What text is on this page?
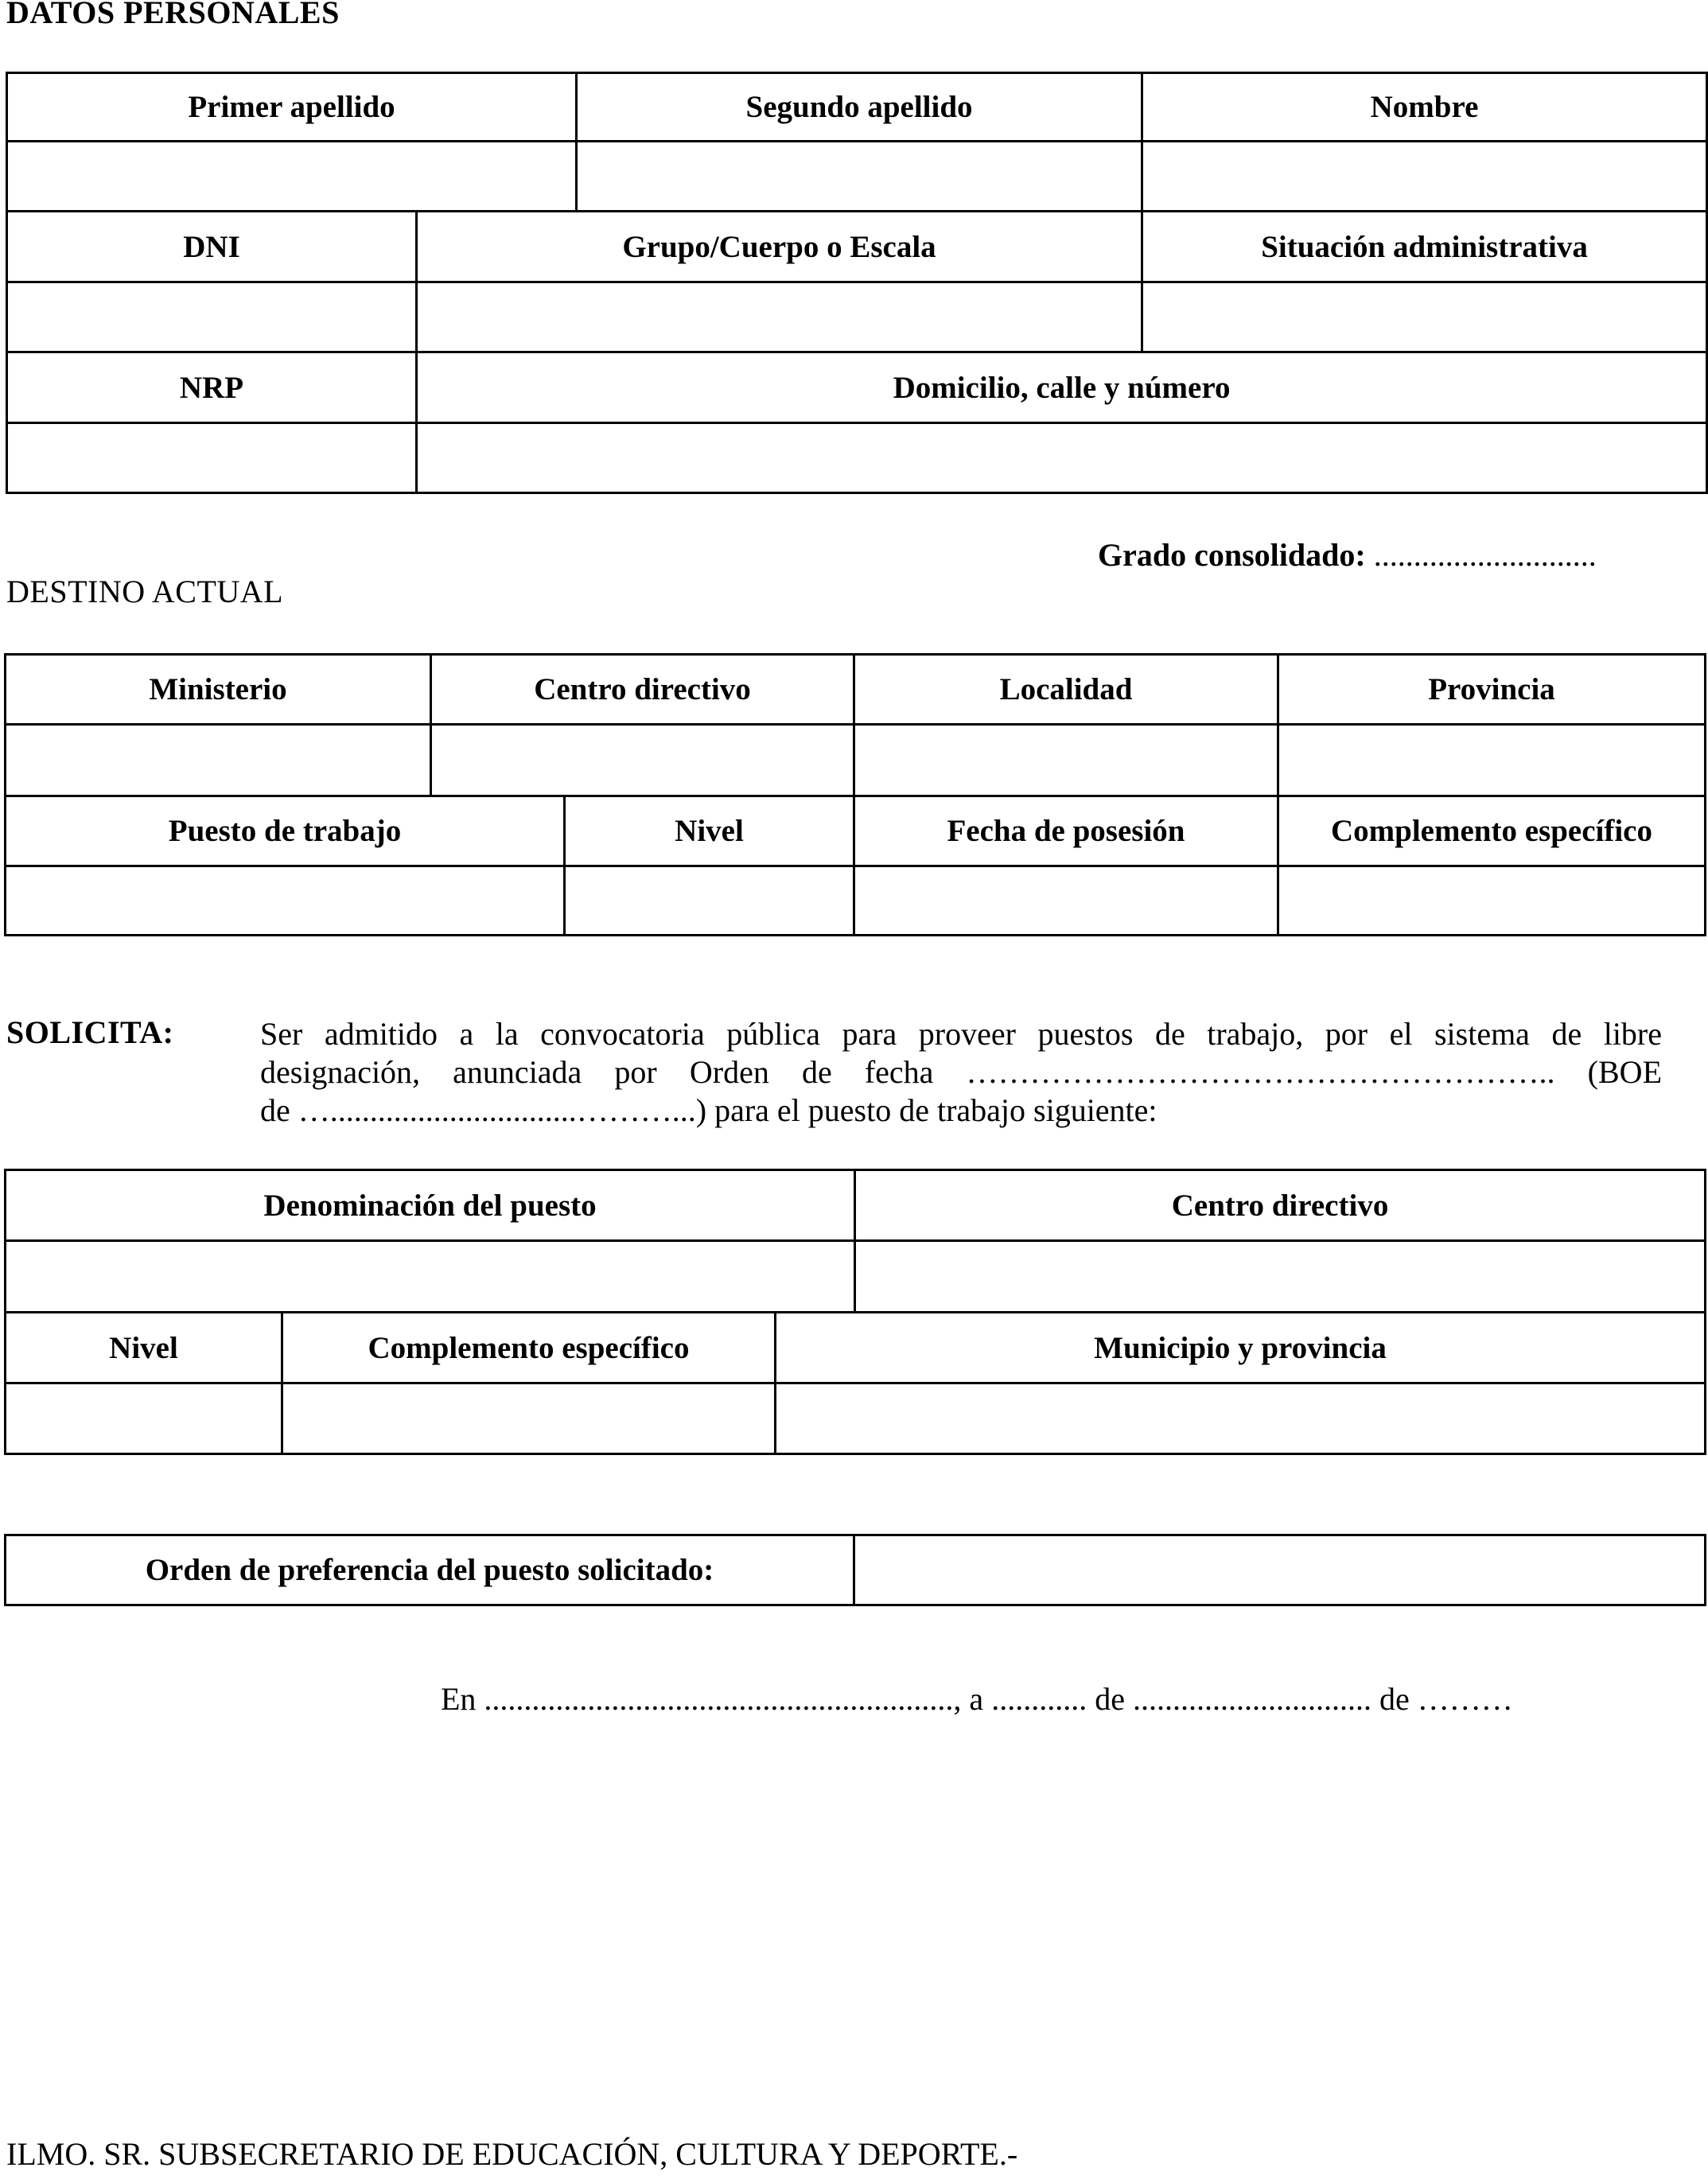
DATOS PERSONALES
Primer apellido		Segundo apellido	Nombre

DNI	Grupo/Cuerpo o Escala		Situación administrativa

NRP	Domicilio, calle y número		

Grado consolidado: ............................
DESTINO ACTUAL
Ministerio	Centro directivo		Localidad	Provincia

Puesto de trabajo		Nivel	Fecha de posesión	Complemento específico

SOLICITA:	Ser admitido a la convocatoria pública para proveer puestos de trabajo, por el sistema de libre
designación, anunciada por Orden de fecha ……………………………………………….. (BOE
de …...............................………...) para el puesto de trabajo siguiente:
Denominación del puesto			Centro directivo

Nivel	Complemento específico	Municipio y provincia	

Orden de preferencia del puesto solicitado:	
En ..........................................................., a ............ de .............................. de ………
ILMO. SR. SUBSECRETARIO DE EDUCACIÓN, CULTURA Y DEPORTE.-
